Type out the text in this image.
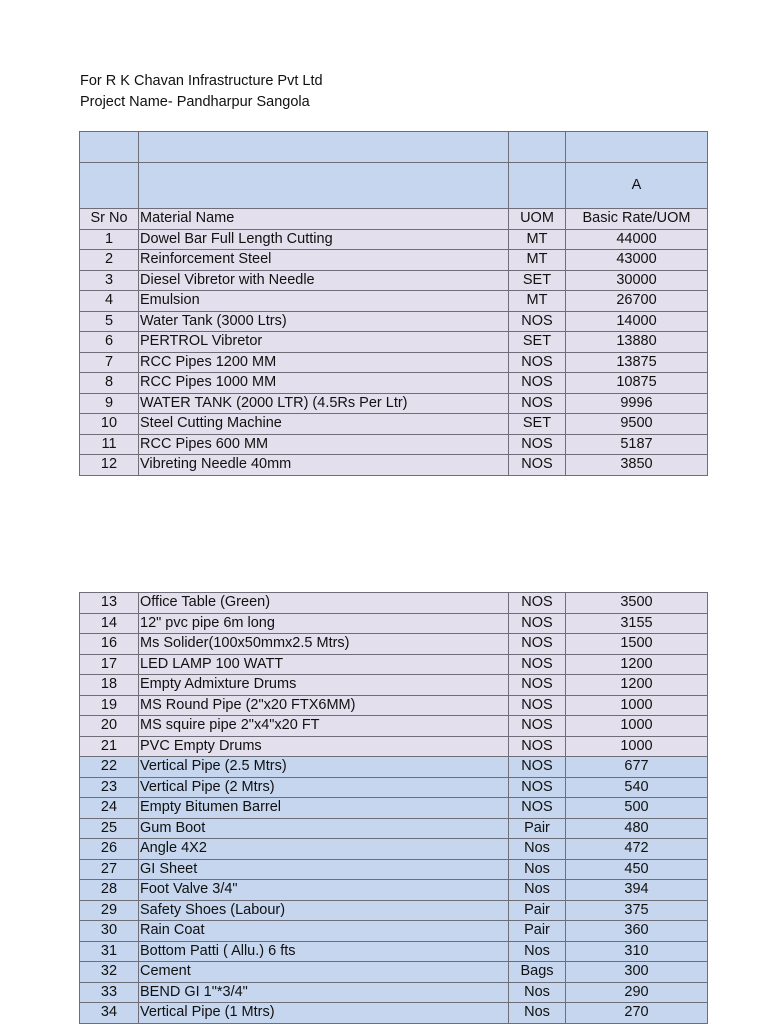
For R K Chavan Infrastructure Pvt Ltd
Project Name- Pandharpur Sangola

			A
Sr No	Material Name	UOM	Basic Rate/UOM
1	Dowel Bar Full Length Cutting	MT	44000
2	Reinforcement Steel	MT	43000
3	Diesel Vibretor with Needle	SET	30000
4	Emulsion	MT	26700
5	Water Tank (3000 Ltrs)	NOS	14000
6	PERTROL Vibretor	SET	13880
7	RCC Pipes 1200 MM	NOS	13875
8	RCC Pipes 1000 MM	NOS	10875
9	WATER TANK (2000 LTR) (4.5Rs Per Ltr)	NOS	9996
10	Steel Cutting Machine	SET	9500
11	RCC Pipes 600 MM	NOS	5187
12	Vibreting Needle 40mm	NOS	3850
13	Office Table (Green)	NOS	3500
14	12" pvc pipe 6m long	NOS	3155
16	Ms Solider(100x50mmx2.5 Mtrs)	NOS	1500
17	LED LAMP 100 WATT	NOS	1200
18	Empty Admixture Drums	NOS	1200
19	MS Round Pipe (2"x20 FTX6MM)	NOS	1000
20	MS squire pipe 2"x4"x20 FT	NOS	1000
21	PVC Empty Drums	NOS	1000
22	Vertical Pipe (2.5 Mtrs)	NOS	677
23	Vertical Pipe (2 Mtrs)	NOS	540
24	Empty Bitumen Barrel	NOS	500
25	Gum Boot	Pair	480
26	Angle 4X2	Nos	472
27	GI Sheet	Nos	450
28	Foot Valve 3/4"	Nos	394
29	Safety Shoes (Labour)	Pair	375
30	Rain Coat	Pair	360
31	Bottom Patti ( Allu.) 6 fts	Nos	310
32	Cement	Bags	300
33	BEND GI 1"*3/4"	Nos	290
34	Vertical Pipe (1 Mtrs)	Nos	270
